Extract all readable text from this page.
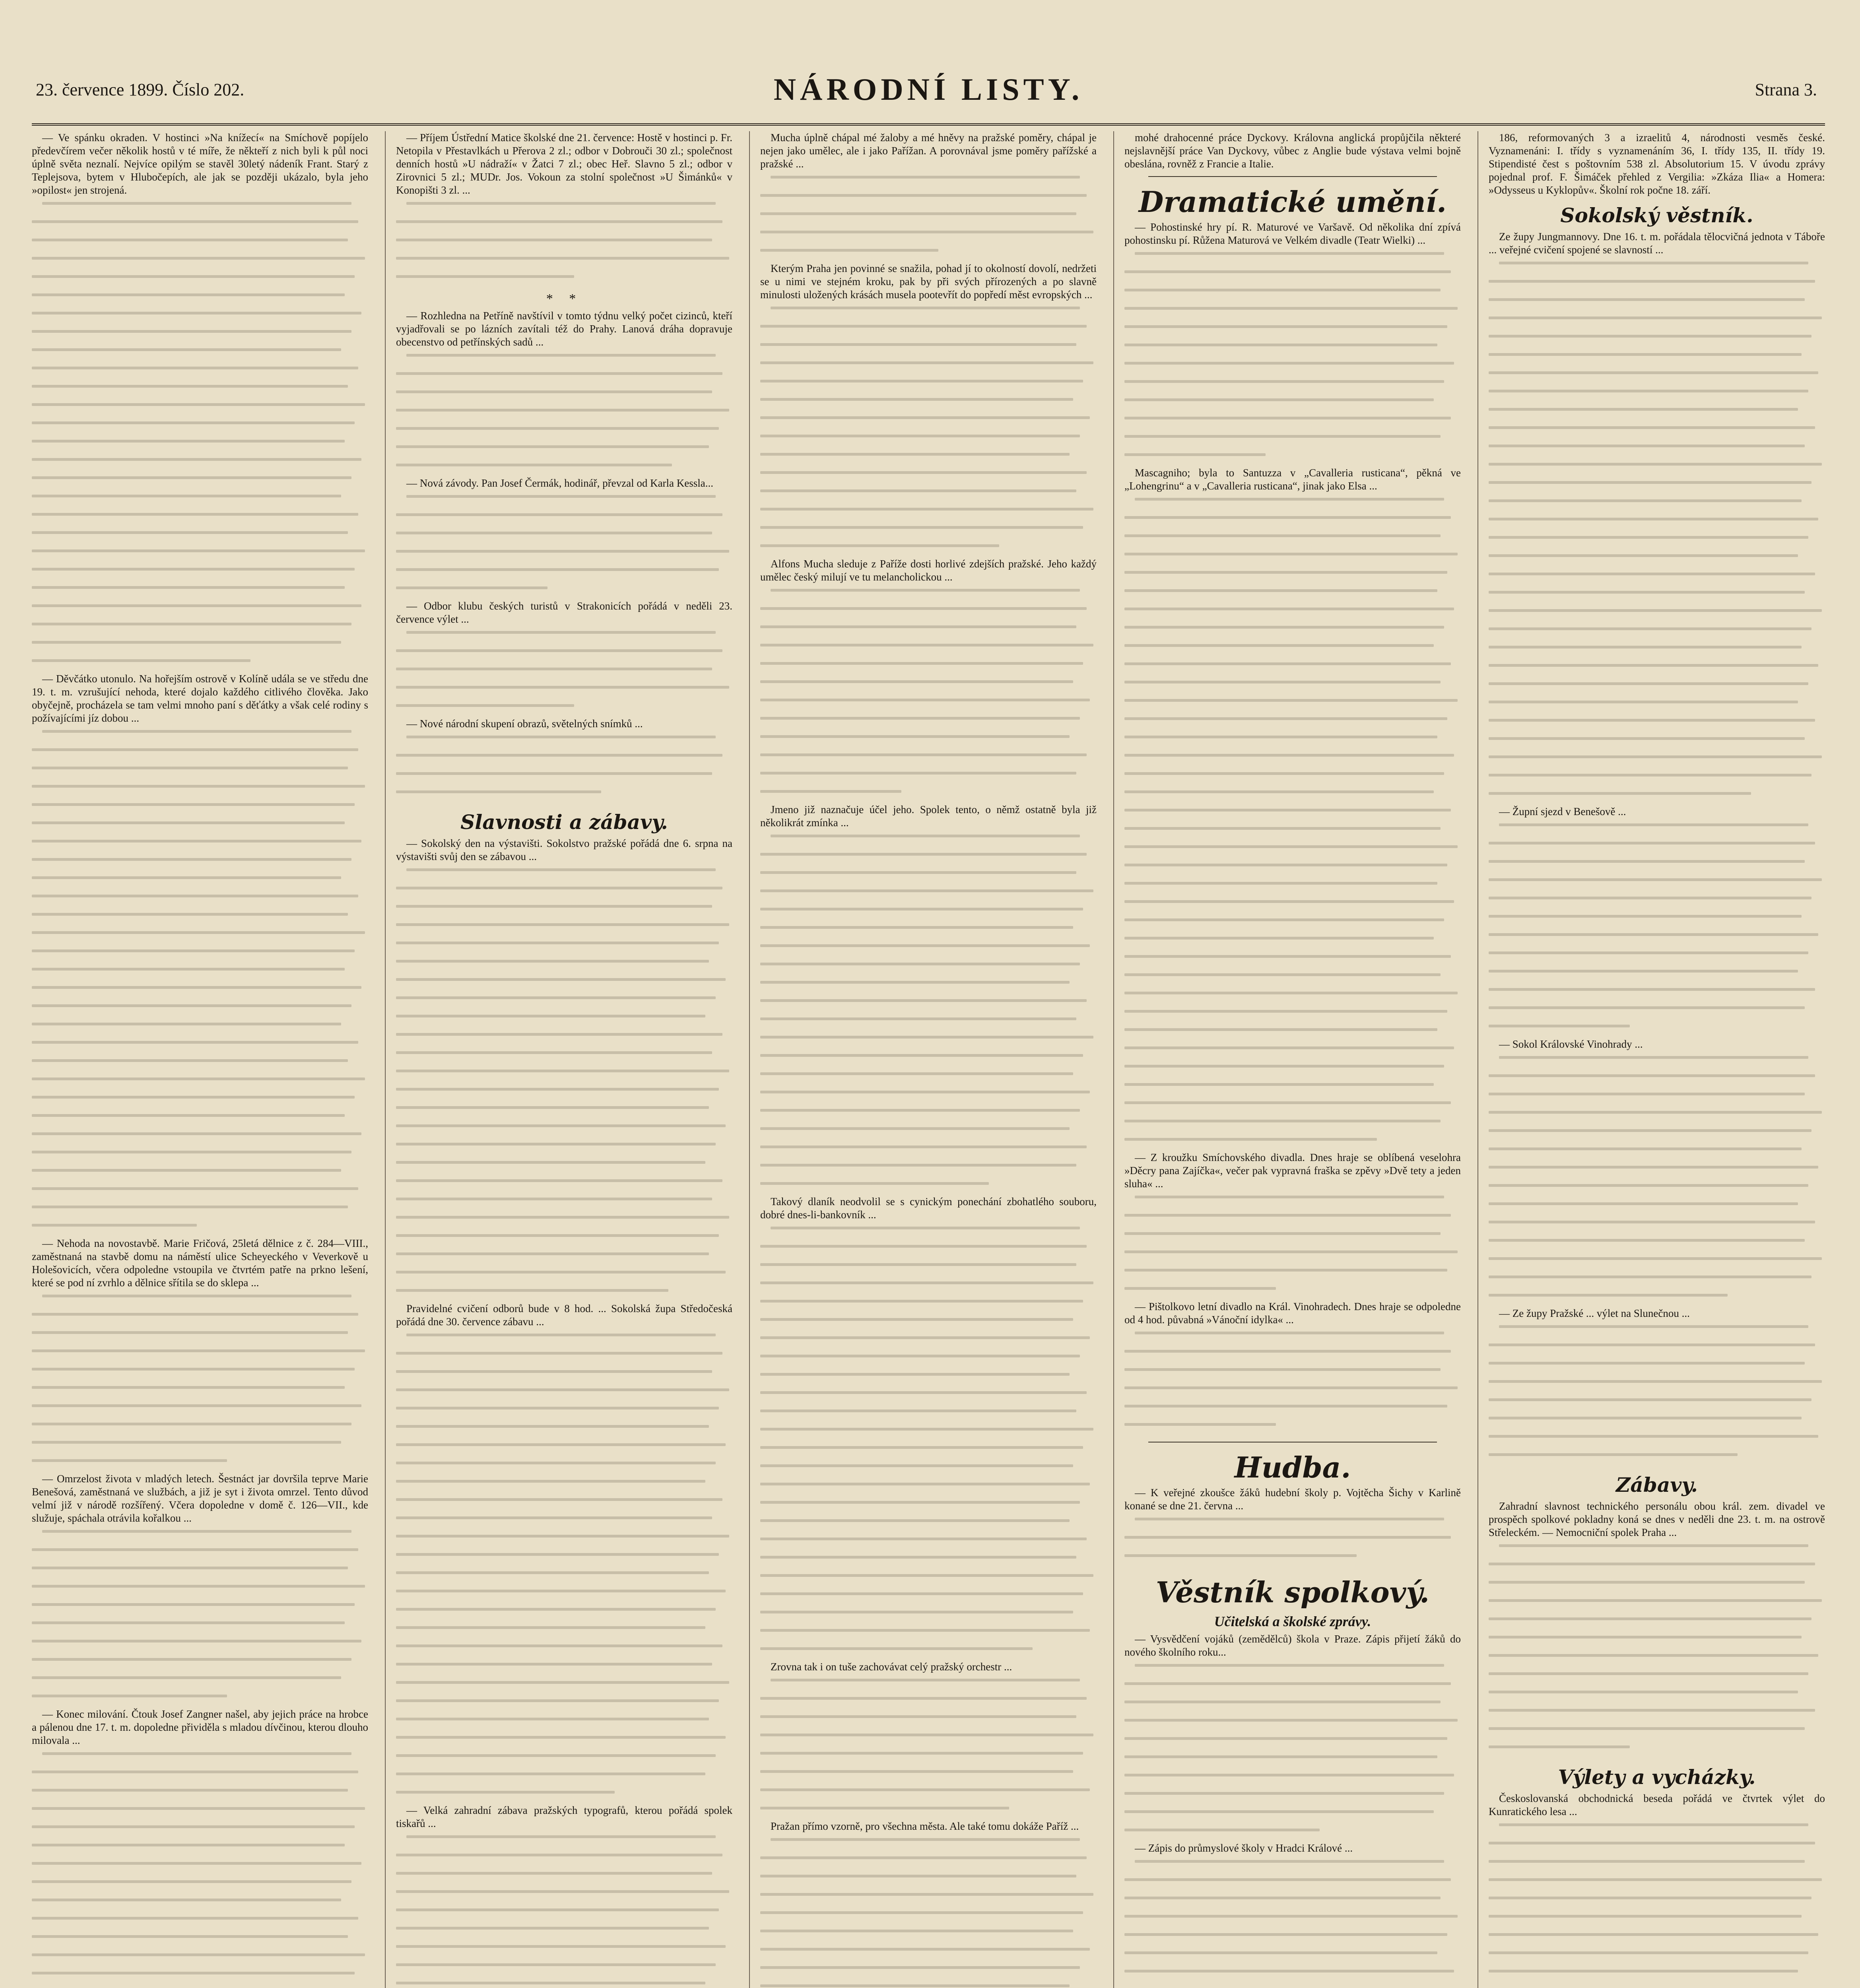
23. července 1899. Číslo 202.	NÁRODNÍ LISTY.	Strana 3.

— Ve spánku okraden. V hostinci »Na knížecí« na Smíchově popíjelo předevčírem večer několik hostů v té míře, že někteří z nich byli k půl noci úplně světa neznalí. Nejvíce opilým se stavěl 30letý nádeník Frant. Starý z Teplejsova, bytem v Hlubočepích, ale jak se později ukázalo, byla jeho »opilost« jen strojená.

— Děvčátko utonulo. Na hořejším ostrově v Kolíně udála se ve středu dne 19. t. m. vzrušující nehoda, které dojalo každého citlivého člověka. Jako obyčejně, procházela se tam velmi mnoho paní s děťátky a však celé rodiny s požívajícími jíz dobou ...

— Nehoda na novostavbě. Marie Fričová, 25letá dělnice z č. 284—VIII., zaměstnaná na stavbě domu na náměstí ulice Scheyeckého v Veverkově u Holešovicích, včera odpoledne vstoupila ve čtvrtém patře na prkno lešení, které se pod ní zvrhlo a dělnice sřítila se do sklepa ...

— Omrzelost života v mladých letech. Šestnáct jar dovršila teprve Marie Benešová, zaměstnaná ve službách, a již je syt i života omrzel. Tento důvod velmí již v národě rozšířený. Včera dopoledne v domě č. 126—VII., kde služuje, spáchala otrávila kořalkou ...

— Konec milování. Čtouk Josef Zangner našel, aby jejich práce na hrobce a pálenou dne 17. t. m. dopoledne přividěla s mladou dívčinou, kterou dlouho milovala ...

— Příjem Ústřední Matice školské dne 21. července: Hostě v hostinci p. Fr. Netopila v Přestavlkách u Přerova 2 zl.; odbor v Dobrouči 30 zl.; společnost denních hostů »U nádraží« v Žatci 7 zl.; obec Heř. Slavno 5 zl.; odbor v Zirovnici 5 zl.; MUDr. Jos. Vokoun za stolní společnost »U Šimánků« v Konopišti 3 zl. ...

* *

— Rozhledna na Petříně navštívil v tomto týdnu velký počet cizinců, kteří vyjadřovali se po lázních zavítali též do Prahy. Lanová dráha dopravuje obecenstvo od petřínských sadů ...

— Nová závody. Pan Josef Čermák, hodinář, převzal od Karla Kessla...

— Odbor klubu českých turistů v Strakonicích pořádá v neděli 23. července výlet ...

— Nové národní skupení obrazů, světelných snímků ...

Slavnosti a zábavy.

— Sokolský den na výstavišti. Sokolstvo pražské pořádá dne 6. srpna na výstavišti svůj den se zábavou ...

Pravidelné cvičení odborů bude v 8 hod. ... Sokolská župa Středočeská pořádá dne 30. července zábavu ...

— Velká zahradní zábava pražských typografů, kterou pořádá spolek tiskařů ...

Mucha úplně chápal mé žaloby a mé hněvy na pražské poměry, chápal je nejen jako umělec, ale i jako Pařížan. A porovnával jsme poměry pařížské a pražské ...

Kterým Praha jen povinné se snažila, pohad jí to okolností dovolí, nedržeti se u nimi ve stejném kroku, pak by při svých přírozených a po slavně minulosti uložených krásách musela pootevřít do popředí měst evropských ...

Alfons Mucha sleduje z Paříže dosti horlivé zdejších pražské. Jeho každý umělec český milují ve tu melancholickou ...

Jmeno již naznačuje účel jeho. Spolek tento, o němž ostatně byla již několikrát zmínka ...

Takový dlaník neodvolil se s cynickým ponechání zbohatlého souboru, dobré dnes-li-bankovník ...

Zrovna tak i on tuše zachovávat celý pražský orchestr ...

Pražan přímo vzorně, pro všechna města. Ale také tomu dokáže Paříž ...

mohé drahocenné práce Dyckovy. Královna anglická propůjčila některé nejslavnější práce Van Dyckovy, vůbec z Anglie bude výstava velmi bojně obeslána, rovněž z Francie a Italie.

Dramatické umění.

— Pohostinské hry pí. R. Maturové ve Varšavě. Od několika dní zpívá pohostinsku pí. Růžena Maturová ve Velkém divadle (Teatr Wielki) ...

Mascagniho; byla to Santuzza v „Cavalleria rusticana“, pěkná ve „Lohengrinu“ a v „Cavalleria rusticana“, jinak jako Elsa ...

— Z kroužku Smíchovského divadla. Dnes hraje se oblíbená veselohra »Děcry pana Zajíčka«, večer pak vypravná fraška se zpěvy »Dvě tety a jeden sluha« ...

— Pištolkovo letní divadlo na Král. Vinohradech. Dnes hraje se odpoledne od 4 hod. půvabná »Vánoční idylka« ...

Hudba.

— K veřejné zkoušce žáků hudební školy p. Vojtěcha Šichy v Karlině konané se dne 21. června ...

Věstník spolkový.
Učitelská a školské zprávy.

— Vysvědčení vojáků (zemědělců) škola v Praze. Zápis přijetí žáků do nového školního roku...

— Zápis do průmyslové školy v Hradci Králové ...

186, reformovaných 3 a izraelitů 4, národnosti vesměs české. Vyznamenáni: I. třídy s vyznamenáním 36, I. třídy 135, II. třídy 19. Stipendisté čest s poštovním 538 zl. Absolutorium 15. V úvodu zprávy pojednal prof. F. Šimáček přehled z Vergilia: »Zkáza Ilia« a Homera: »Odysseus u Kyklopův«. Školní rok počne 18. září.

Sokolský věstník.

Ze župy Jungmannovy. Dne 16. t. m. pořádala tělocvičná jednota v Táboře ... veřejné cvičení spojené se slavností ...

— Župní sjezd v Benešově ...

— Sokol Královské Vinohrady ...

— Ze župy Pražské ... výlet na Slunečnou ...

Zábavy.

Zahradní slavnost technického personálu obou král. zem. divadel ve prospěch spolkové pokladny koná se dnes v neděli dne 23. t. m. na ostrově Střeleckém. — Nemocniční spolek Praha ...

Výlety a vycházky.

Českoslovanská obchodnická beseda pořádá ve čtvrtek výlet do Kunratického lesa ...
